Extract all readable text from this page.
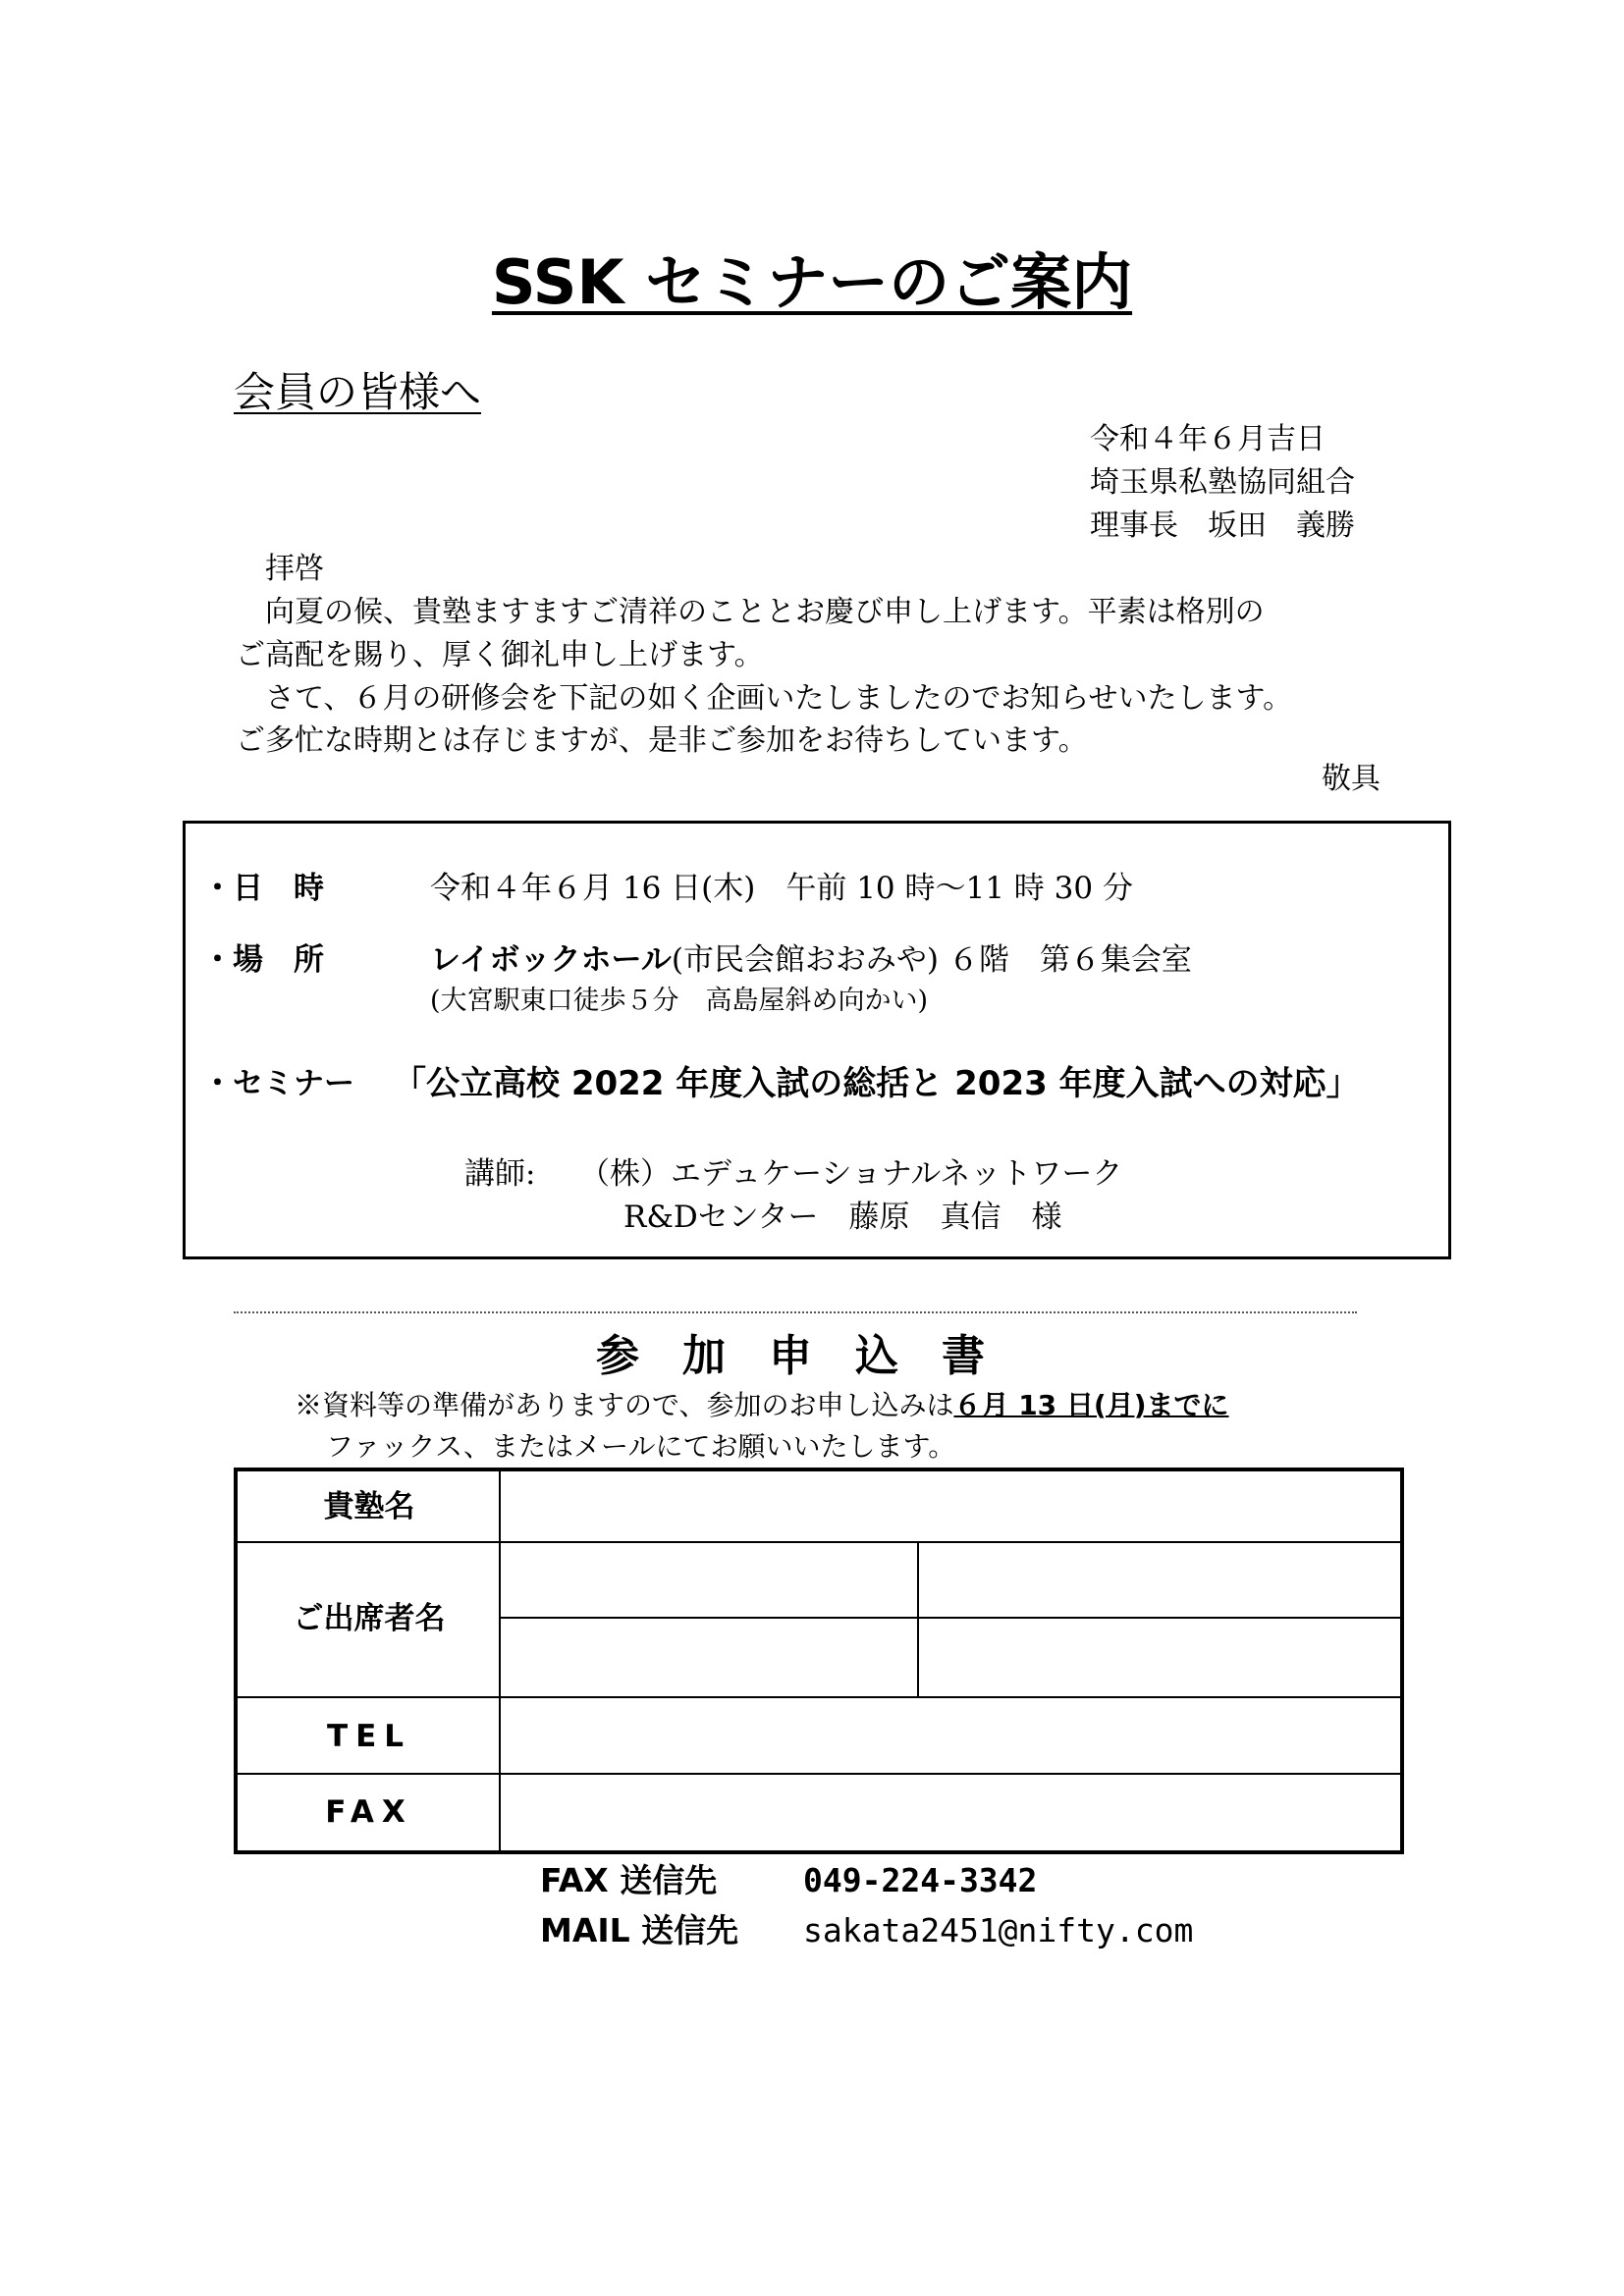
SSK セミナーのご案内
会員の皆様へ
令和４年６月吉日
埼玉県私塾協同組合
理事長　坂田　義勝
拝啓
向夏の候、貴塾ますますご清祥のこととお慶び申し上げます。平素は格別の
ご高配を賜り、厚く御礼申し上げます。
さて、６月の研修会を下記の如く企画いたしましたのでお知らせいたします。
ご多忙な時期とは存じますが、是非ご参加をお待ちしています。
敬具
・日　時	令和４年６月 16 日(木)　午前 10 時～11 時 30 分
・場　所	レイボックホール(市民会館おおみや) ６階　第６集会室
(大宮駅東口徒歩５分　高島屋斜め向かい)
・セミナー 「公立高校 2022 年度入試の総括と 2023 年度入試への対応」
講師: （株）エデュケーショナルネットワーク
R&Dセンター　藤原　真信　様
参加申込書
※資料等の準備がありますので、参加のお申し込みは６月 13 日(月)までに
ファックス、またはメールにてお願いいたします。
貴塾名
ご出席者名
TEL
FAX
FAX 送信先	049-224-3342
MAIL 送信先 sakata2451@nifty.com
